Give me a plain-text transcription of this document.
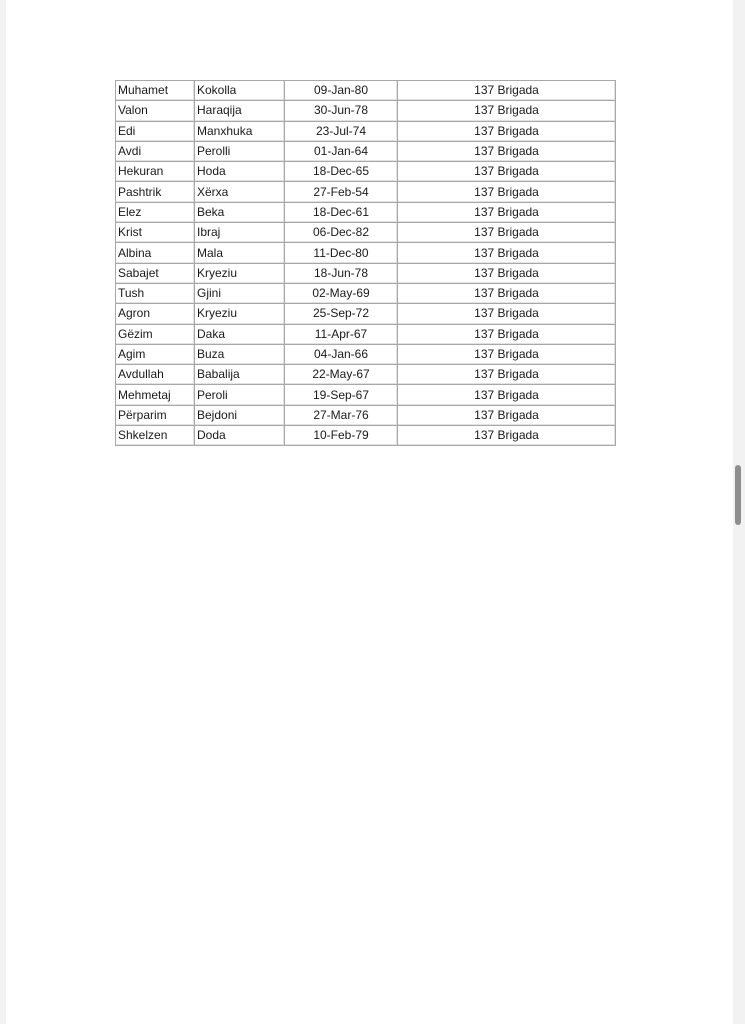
Muhamet	Kokolla	09-Jan-80	137 Brigada
Valon	Haraqija	30-Jun-78	137 Brigada
Edi	Manxhuka	23-Jul-74	137 Brigada
Avdi	Perolli	01-Jan-64	137 Brigada
Hekuran	Hoda	18-Dec-65	137 Brigada
Pashtrik	Xërxa	27-Feb-54	137 Brigada
Elez	Beka	18-Dec-61	137 Brigada
Krist	Ibraj	06-Dec-82	137 Brigada
Albina	Mala	11-Dec-80	137 Brigada
Sabajet	Kryeziu	18-Jun-78	137 Brigada
Tush	Gjini	02-May-69	137 Brigada
Agron	Kryeziu	25-Sep-72	137 Brigada
Gëzim	Daka	11-Apr-67	137 Brigada
Agim	Buza	04-Jan-66	137 Brigada
Avdullah	Babalija	22-May-67	137 Brigada
Mehmetaj	Peroli	19-Sep-67	137 Brigada
Përparim	Bejdoni	27-Mar-76	137 Brigada
Shkelzen	Doda	10-Feb-79	137 Brigada
